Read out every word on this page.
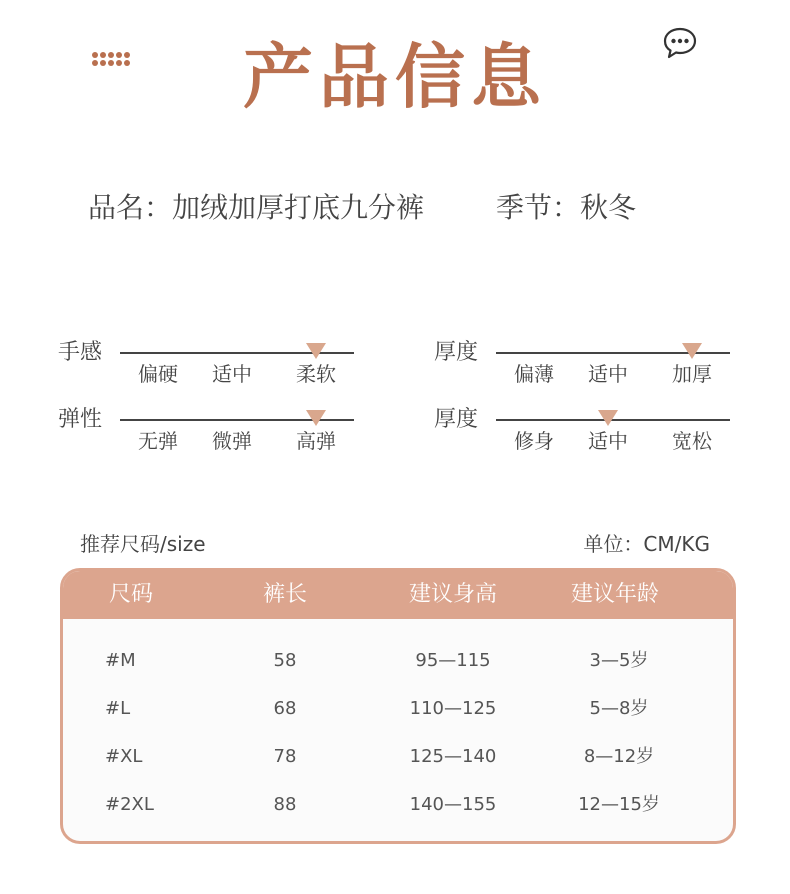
产品信息
品名：加绒加厚打底九分裤	季节：秋冬
手感
偏硬 适中 柔软
厚度
偏薄 适中 加厚
弹性
无弹 微弹 高弹
厚度
修身 适中 宽松
推荐尺码/size	单位：CM/KG
尺码	裤长	建议身高	建议年龄
#M	58	95—115	3—5岁
#L	68	110—125	5—8岁
#XL	78	125—140	8—12岁
#2XL	88	140—155	12—15岁
